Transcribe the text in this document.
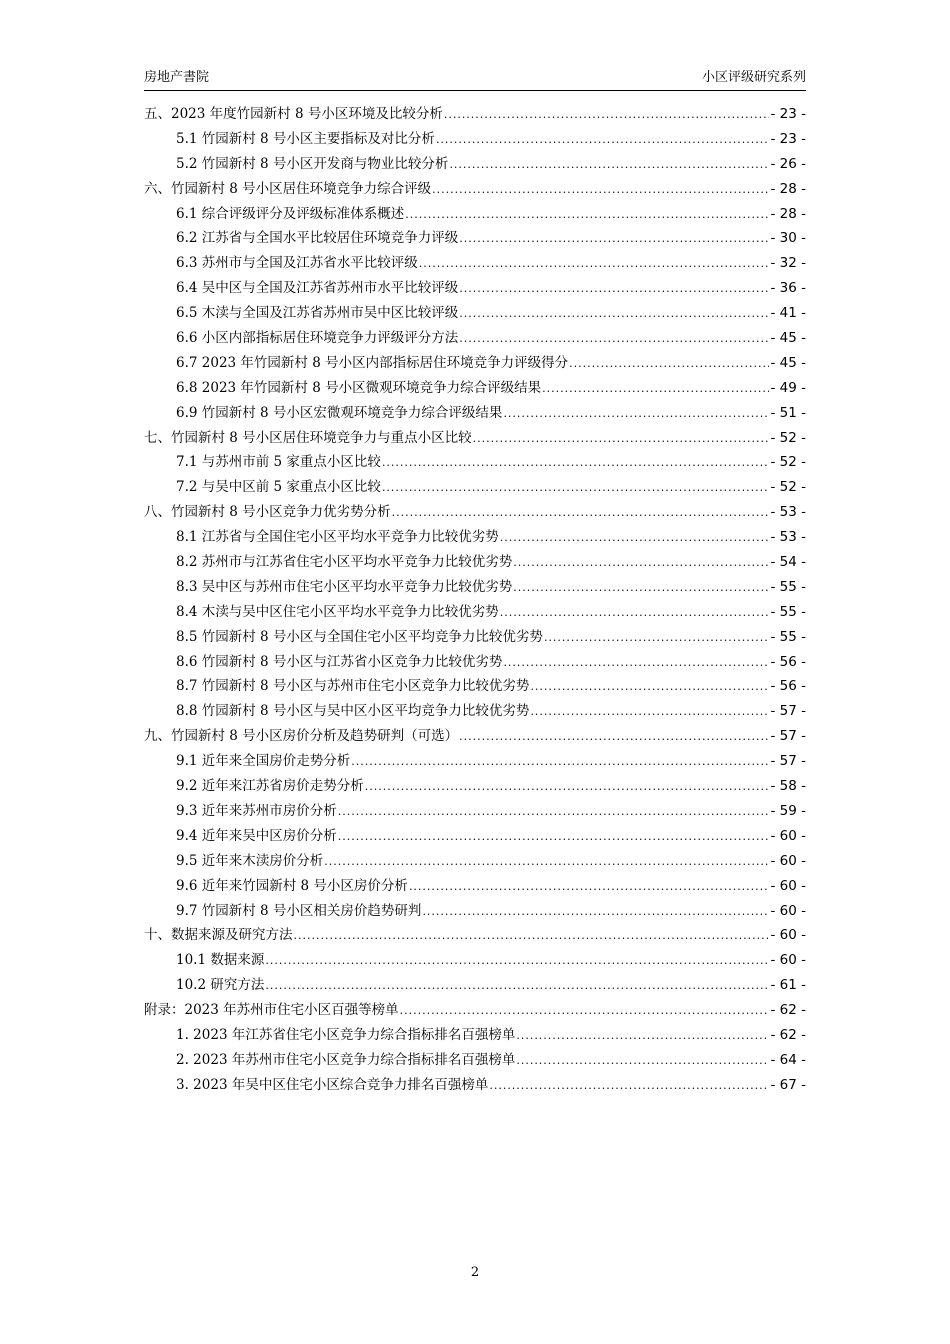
房地产書院	小区评级研究系列
五、2023 年度竹园新村 8 号小区环境及比较分析 .....	- 23 -
5.1 竹园新村 8 号小区主要指标及对比分析 .....	- 23 -
5.2 竹园新村 8 号小区开发商与物业比较分析 .....	- 26 -
六、竹园新村 8 号小区居住环境竞争力综合评级 .....	- 28 -
6.1 综合评级评分及评级标准体系概述 .....	- 28 -
6.2 江苏省与全国水平比较居住环境竞争力评级 .....	- 30 -
6.3 苏州市与全国及江苏省水平比较评级 .....	- 32 -
6.4 吴中区与全国及江苏省苏州市水平比较评级 .....	- 36 -
6.5 木渎与全国及江苏省苏州市吴中区比较评级 .....	- 41 -
6.6 小区内部指标居住环境竞争力评级评分方法 .....	- 45 -
6.7 2023 年竹园新村 8 号小区内部指标居住环境竞争力评级得分 .....	- 45 -
6.8 2023 年竹园新村 8 号小区微观环境竞争力综合评级结果 .....	- 49 -
6.9 竹园新村 8 号小区宏微观环境竞争力综合评级结果 .....	- 51 -
七、竹园新村 8 号小区居住环境竞争力与重点小区比较 .....	- 52 -
7.1 与苏州市前 5 家重点小区比较 .....	- 52 -
7.2 与吴中区前 5 家重点小区比较 .....	- 52 -
八、竹园新村 8 号小区竞争力优劣势分析 .....	- 53 -
8.1 江苏省与全国住宅小区平均水平竞争力比较优劣势 .....	- 53 -
8.2 苏州市与江苏省住宅小区平均水平竞争力比较优劣势 .....	- 54 -
8.3 吴中区与苏州市住宅小区平均水平竞争力比较优劣势 .....	- 55 -
8.4 木渎与吴中区住宅小区平均水平竞争力比较优劣势 .....	- 55 -
8.5 竹园新村 8 号小区与全国住宅小区平均竞争力比较优劣势 .....	- 55 -
8.6 竹园新村 8 号小区与江苏省小区竞争力比较优劣势 .....	- 56 -
8.7 竹园新村 8 号小区与苏州市住宅小区竞争力比较优劣势 .....	- 56 -
8.8 竹园新村 8 号小区与吴中区小区平均竞争力比较优劣势 .....	- 57 -
九、竹园新村 8 号小区房价分析及趋势研判（可选） .....	- 57 -
9.1 近年来全国房价走势分析 .....	- 57 -
9.2 近年来江苏省房价走势分析 .....	- 58 -
9.3 近年来苏州市房价分析 .....	- 59 -
9.4 近年来吴中区房价分析 .....	- 60 -
9.5 近年来木渎房价分析 .....	- 60 -
9.6 近年来竹园新村 8 号小区房价分析 .....	- 60 -
9.7 竹园新村 8 号小区相关房价趋势研判 .....	- 60 -
十、数据来源及研究方法 .....	- 60 -
10.1 数据来源 .....	- 60 -
10.2 研究方法 .....	- 61 -
附录：2023 年苏州市住宅小区百强等榜单 .....	- 62 -
1. 2023 年江苏省住宅小区竞争力综合指标排名百强榜单 .....	- 62 -
2. 2023 年苏州市住宅小区竞争力综合指标排名百强榜单 .....	- 64 -
3. 2023 年吴中区住宅小区综合竞争力排名百强榜单 .....	- 67 -
2
